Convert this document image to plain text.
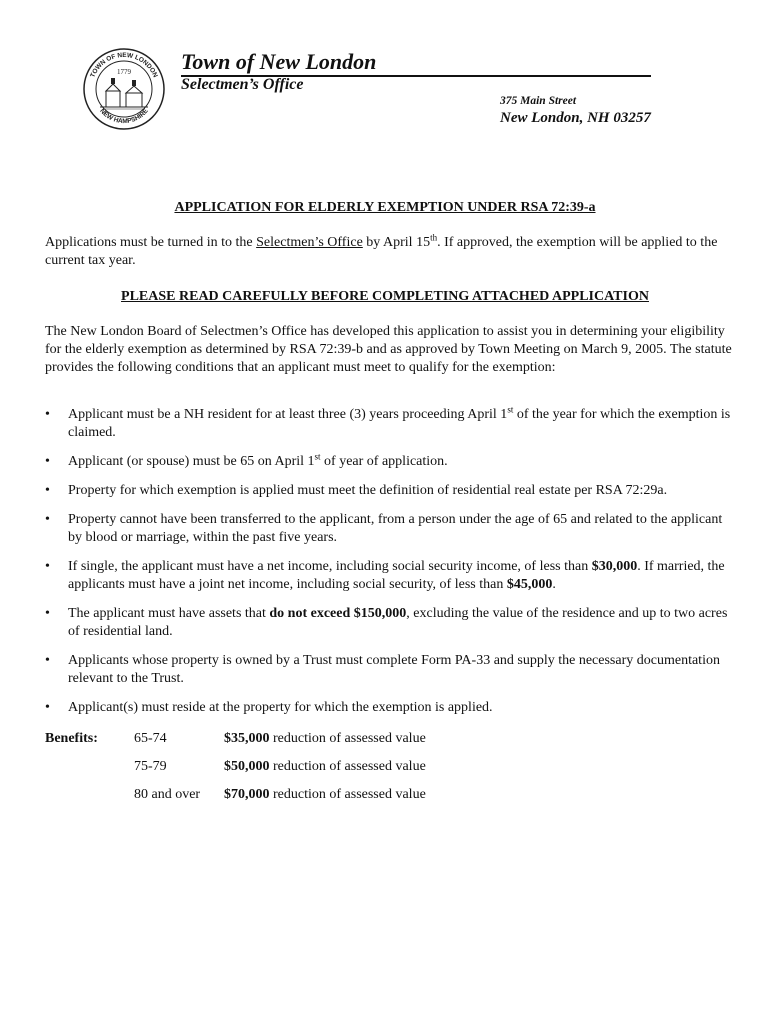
TOWN OF NEW LONDON
NEW HAMPSHIRE
1779 Town of New London
Selectmen’s Office
375 Main Street
New London, NH 03257
APPLICATION FOR ELDERLY EXEMPTION UNDER RSA 72:39-a
Applications must be turned in to the Selectmen’s Office by April 15th. If approved, the exemption will be applied to the current tax year.
PLEASE READ CAREFULLY BEFORE COMPLETING ATTACHED APPLICATION
The New London Board of Selectmen’s Office has developed this application to assist you in determining your eligibility for the elderly exemption as determined by RSA 72:39-b and as approved by Town Meeting on March 9, 2005. The statute provides the following conditions that an applicant must meet to qualify for the exemption:
• Applicant must be a NH resident for at least three (3) years proceeding April 1st of the year for which the exemption is claimed.
• Applicant (or spouse) must be 65 on April 1st of year of application.
• Property for which exemption is applied must meet the definition of residential real estate per RSA 72:29a.
• Property cannot have been transferred to the applicant, from a person under the age of 65 and related to the applicant by blood or marriage, within the past five years.
• If single, the applicant must have a net income, including social security income, of less than $30,000. If married, the applicants must have a joint net income, including social security, of less than $45,000.
• The applicant must have assets that do not exceed $150,000, excluding the value of the residence and up to two acres of residential land.
• Applicants whose property is owned by a Trust must complete Form PA-33 and supply the necessary documentation relevant to the Trust.
• Applicant(s) must reside at the property for which the exemption is applied.
Benefits:	65-74	$35,000 reduction of assessed value
75-79	$50,000 reduction of assessed value
80 and over $70,000 reduction of assessed value
